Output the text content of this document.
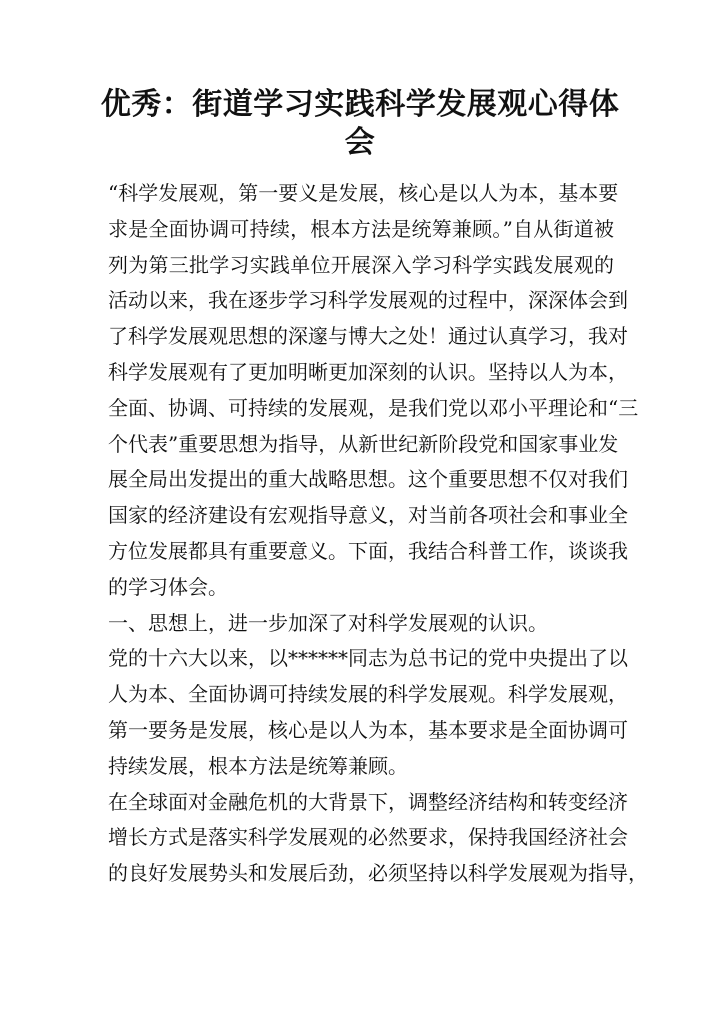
优秀：街道学习实践科学发展观心得体
会
“科学发展观，第一要义是发展，核心是以人为本，基本要
求是全面协调可持续，根本方法是统筹兼顾。”自从街道被
列为第三批学习实践单位开展深入学习科学实践发展观的
活动以来，我在逐步学习科学发展观的过程中，深深体会到
了科学发展观思想的深邃与博大之处！通过认真学习，我对
科学发展观有了更加明晰更加深刻的认识。坚持以人为本，
全面、协调、可持续的发展观，是我们党以邓小平理论和“三
个代表”重要思想为指导，从新世纪新阶段党和国家事业发
展全局出发提出的重大战略思想。这个重要思想不仅对我们
国家的经济建设有宏观指导意义，对当前各项社会和事业全
方位发展都具有重要意义。下面，我结合科普工作，谈谈我
的学习体会。
一、思想上，进一步加深了对科学发展观的认识。
党的十六大以来，以******同志为总书记的党中央提出了以
人为本、全面协调可持续发展的科学发展观。科学发展观，
第一要务是发展，核心是以人为本，基本要求是全面协调可
持续发展，根本方法是统筹兼顾。
在全球面对金融危机的大背景下，调整经济结构和转变经济
增长方式是落实科学发展观的必然要求，保持我国经济社会
的良好发展势头和发展后劲，必须坚持以科学发展观为指导，
